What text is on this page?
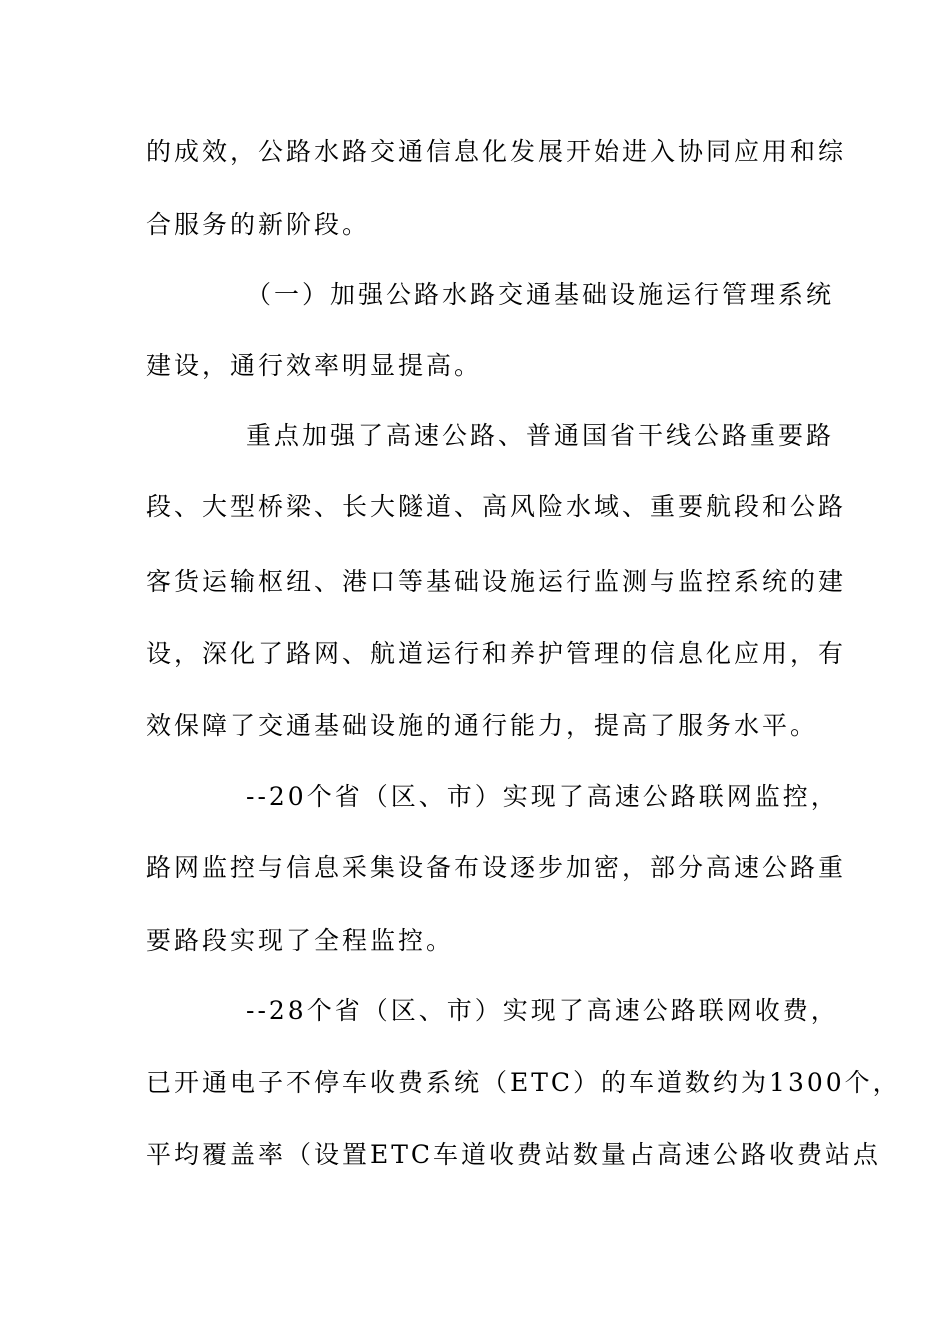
的成效，公路水路交通信息化发展开始进入协同应用和综
合服务的新阶段。
（一）加强公路水路交通基础设施运行管理系统
建设，通行效率明显提高。
重点加强了高速公路、普通国省干线公路重要路
段、大型桥梁、长大隧道、高风险水域、重要航段和公路
客货运输枢纽、港口等基础设施运行监测与监控系统的建
设，深化了路网、航道运行和养护管理的信息化应用，有
效保障了交通基础设施的通行能力，提高了服务水平。
--20个省（区、市）实现了高速公路联网监控，
路网监控与信息采集设备布设逐步加密，部分高速公路重
要路段实现了全程监控。
--28个省（区、市）实现了高速公路联网收费，
已开通电子不停车收费系统（ETC）的车道数约为1300个，
平均覆盖率（设置ETC车道收费站数量占高速公路收费站点
